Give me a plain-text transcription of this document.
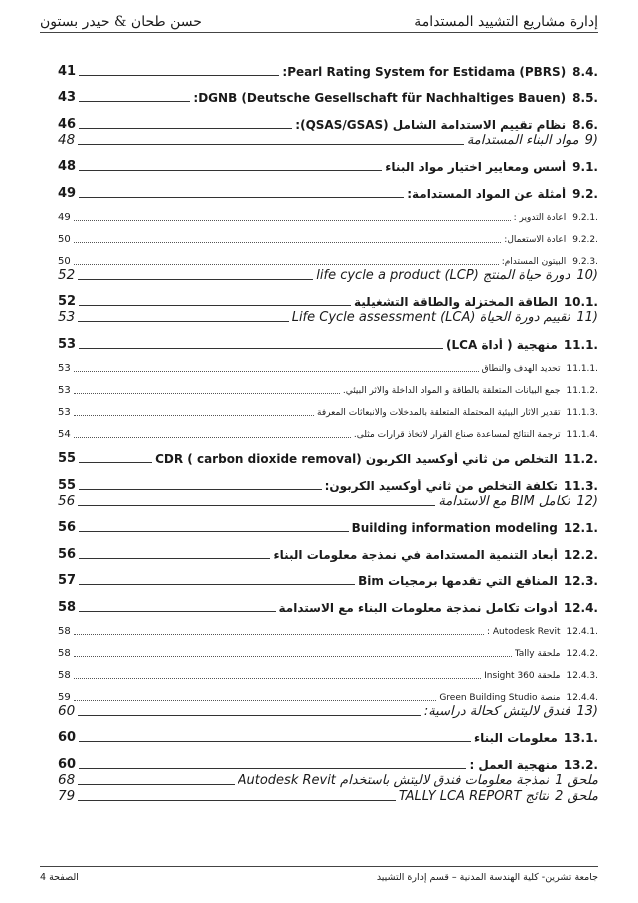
إدارة مشاريع التشييد المستدامة
حسن طحان & حيدر بستون
8.4.
(PBRS) Pearl Rating System for Estidama:
41
8.5.
DGNB (Deutsche Gesellschaft für Nachhaltiges Bauen):
43
8.6.
نظام تقييم الاستدامة الشامل (QSAS/GSAS):
46
9)
مواد البناء المستدامة
48
9.1.
أسس ومعايير اختيار مواد البناء
48
9.2.
أمثلة عن المواد المستدامة:
49
9.2.1.
اعادة التدوير :
49
9.2.2.
اعادة الاستعمال:
50
9.2.3.
البيتون المستدام:
50
10)
دورة حياة المنتج life cycle a product (LCP)
52
10.1.
الطاقة المختزلة والطاقة التشغيلية
52
11)
تقييم دورة الحياة Life Cycle assessment (LCA)
53
11.1.
منهجية ( أداة LCA)
53
11.1.1.
تحديد الهدف والنطاق
53
11.1.2.
جمع البيانات المتعلقة بالطاقة و المواد الداخلة والأثر البيئي.
53
11.1.3.
تقدير الآثار البيئية المحتملة المتعلقة بالمدخلات والانبعاثات المعرفة
53
11.1.4.
ترجمة النتائج لمساعدة صناع القرار لاتخاذ قرارات مثلى.
54
11.2.
التخلص من ثاني أوكسيد الكربون CDR ( carbon dioxide removal)
55
11.3.
تكلفة التخلص من ثاني أوكسيد الكربون:
55
12)
تكامل BIM مع الاستدامة
56
12.1.
Building information modeling
56
12.2.
أبعاد التنمية المستدامة في نمذجة معلومات البناء
56
12.3.
المنافع التي تقدمها برمجيات Bim
57
12.4.
أدوات تكامل نمذجة معلومات البناء مع الاستدامة
58
12.4.1.
Autodesk Revit :
58
12.4.2.
ملحقة Tally
58
12.4.3.
ملحقة Insight 360
58
12.4.4.
منصة Green Building Studio
59
13)
فندق لاليتش كحالة دراسية:
60
13.1.
معلومات البناء
60
13.2.
منهجية العمل :
60
ملحق 1
نمذجة معلومات فندق لاليتش باستخدام Autodesk Revit
68
ملحق 2
نتائج TALLY LCA REPORT
79
جامعة تشرين- كلية الهندسة المدنية – قسم إدارة التشييد
الصفحة 4
